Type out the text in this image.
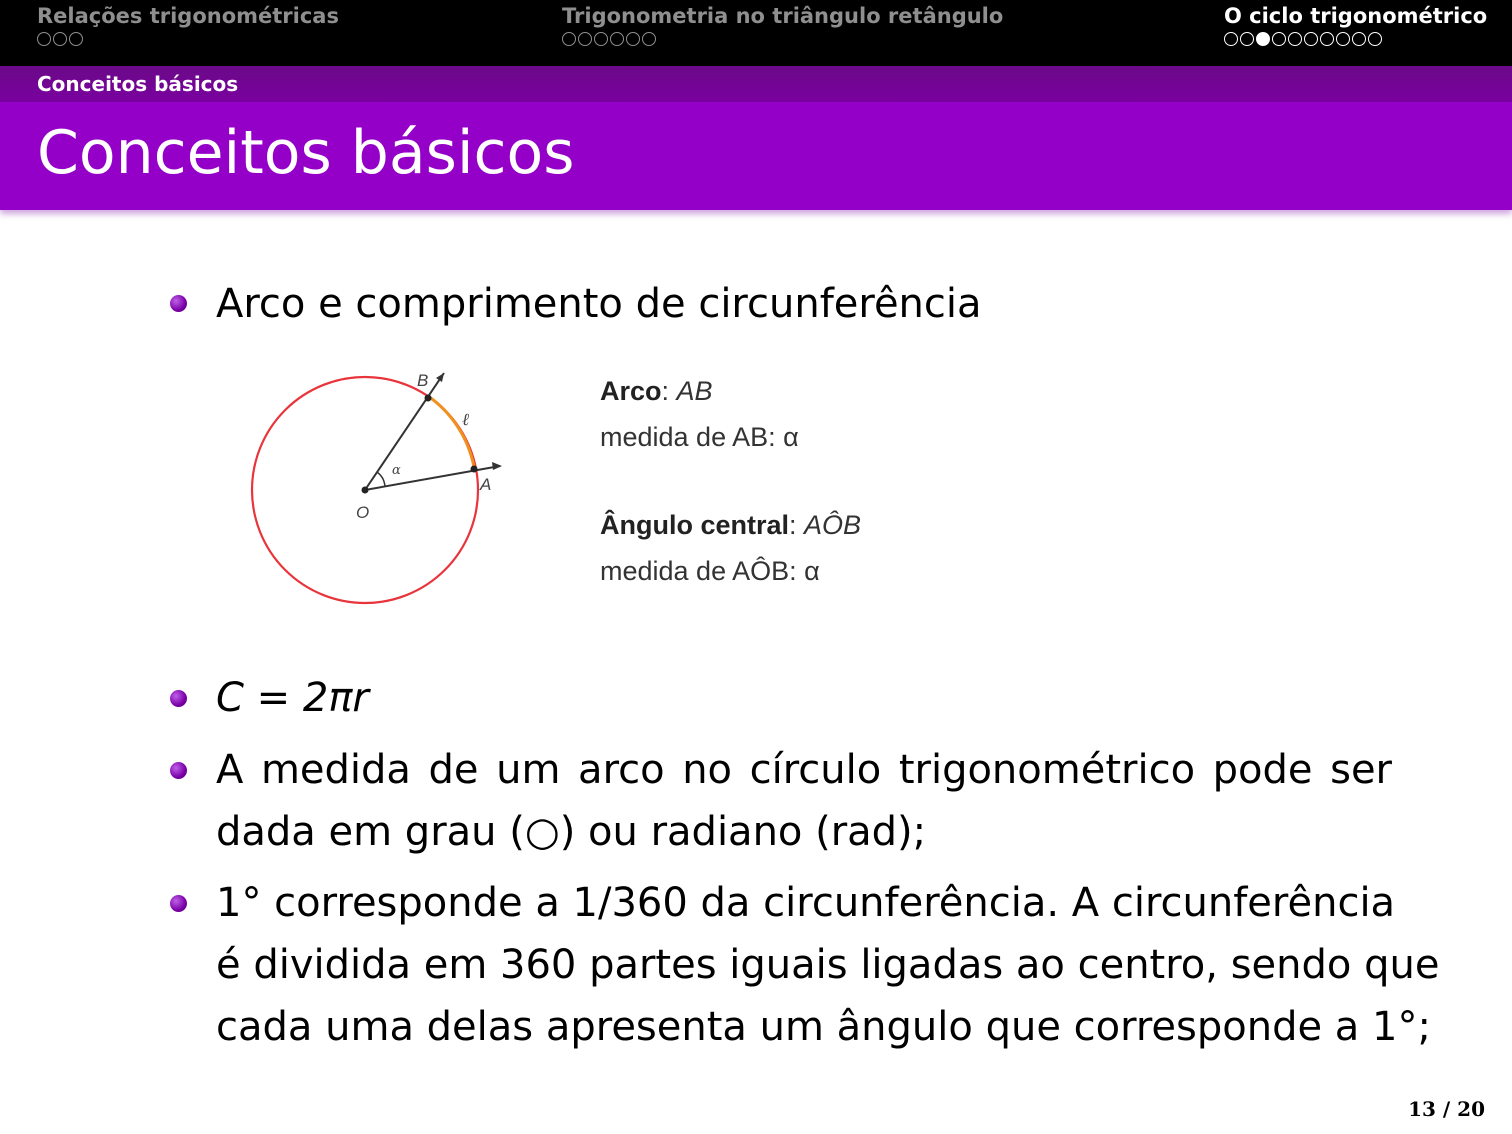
Relações trigonométricas	Trigonometria no triângulo retângulo	O ciclo trigonométrico
Conceitos básicos
Conceitos básicos
Arco e comprimento de circunferência
B
A
O
ℓ
α
Arco: AB
medida de AB: α
Ângulo central: AÔB
medida de AÔB: α
C = 2πr
A medida de um arco no círculo trigonométrico pode ser
dada em grau (○) ou radiano (rad);
1° corresponde a 1/360 da circunferência. A circunferência
é dividida em 360 partes iguais ligadas ao centro, sendo que
cada uma delas apresenta um ângulo que corresponde a 1°;
13 / 20
